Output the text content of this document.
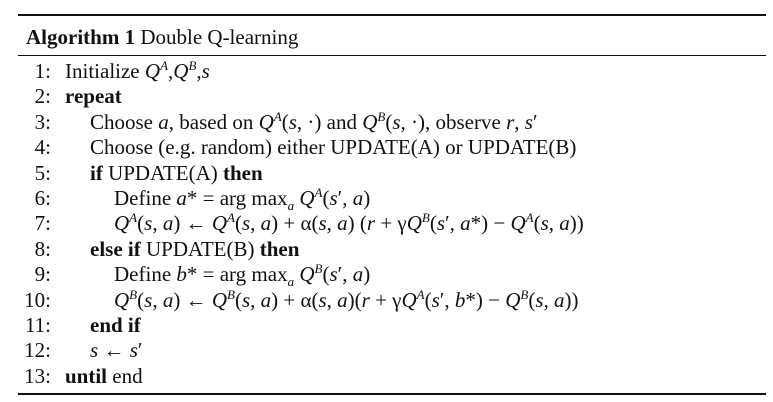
Algorithm 1 Double Q-learning
1: Initialize $Q^A,Q^B,s$
2: repeat
3: Choose a, based on $Q^A(s$, ·) and $Q^B(s$, ·), observe r, s′
4: Choose (e.g. random) either UPDATE(A) or UPDATE(B)
5: if UPDATE(A) then
6:	Define a* = arg $\max_a Q^A(s'$, a)
7:	$Q^A(s$, a) ← $Q^A(s$, a) + α(s, a) ($r + \gamma Q^B(s'$, $a*) - Q^A(s$, a))
8: else if UPDATE(B) then
9:	Define b* = arg $\max_a Q^B(s'$, a)
10:	$Q^B(s$, a) ← $Q^B(s$, a) + α(s, $a)(r + \gamma Q^A(s'$, $b*) - Q^B(s$, a))
11: end if
12: s ← s′
13: until end
